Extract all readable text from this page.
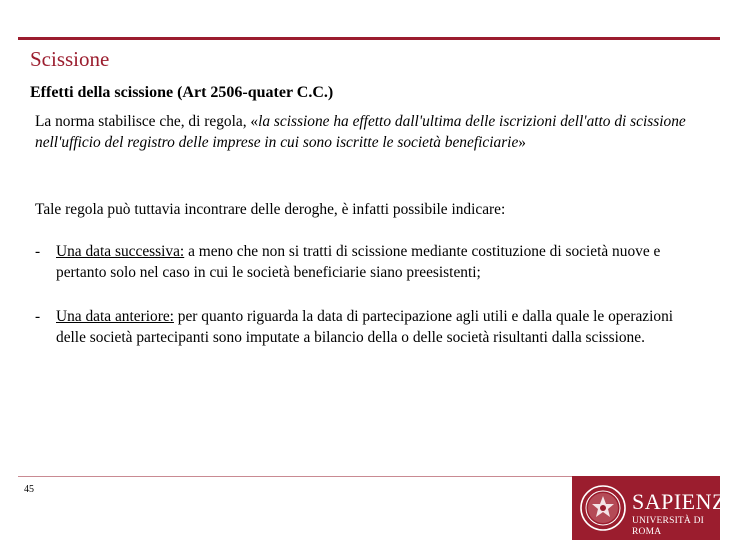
Scissione
Effetti della scissione (Art 2506-quater C.C.)

La norma stabilisce che, di regola, «la scissione ha effetto dall'ultima delle iscrizioni dell'atto di scissione nell'ufficio del registro delle imprese in cui sono iscritte le società beneficiarie»

Tale regola può tuttavia incontrare delle deroghe, è infatti possibile indicare:

- Una data successiva: a meno che non si tratti di scissione mediante costituzione di società nuove e pertanto solo nel caso in cui le società beneficiarie siano preesistenti;
- Una data anteriore: per quanto riguarda la data di partecipazione agli utili e dalla quale le operazioni delle società partecipanti sono imputate a bilancio della o delle società risultanti dalla scissione.
45	SAPIENZA
UNIVERSITÀ DI ROMA
